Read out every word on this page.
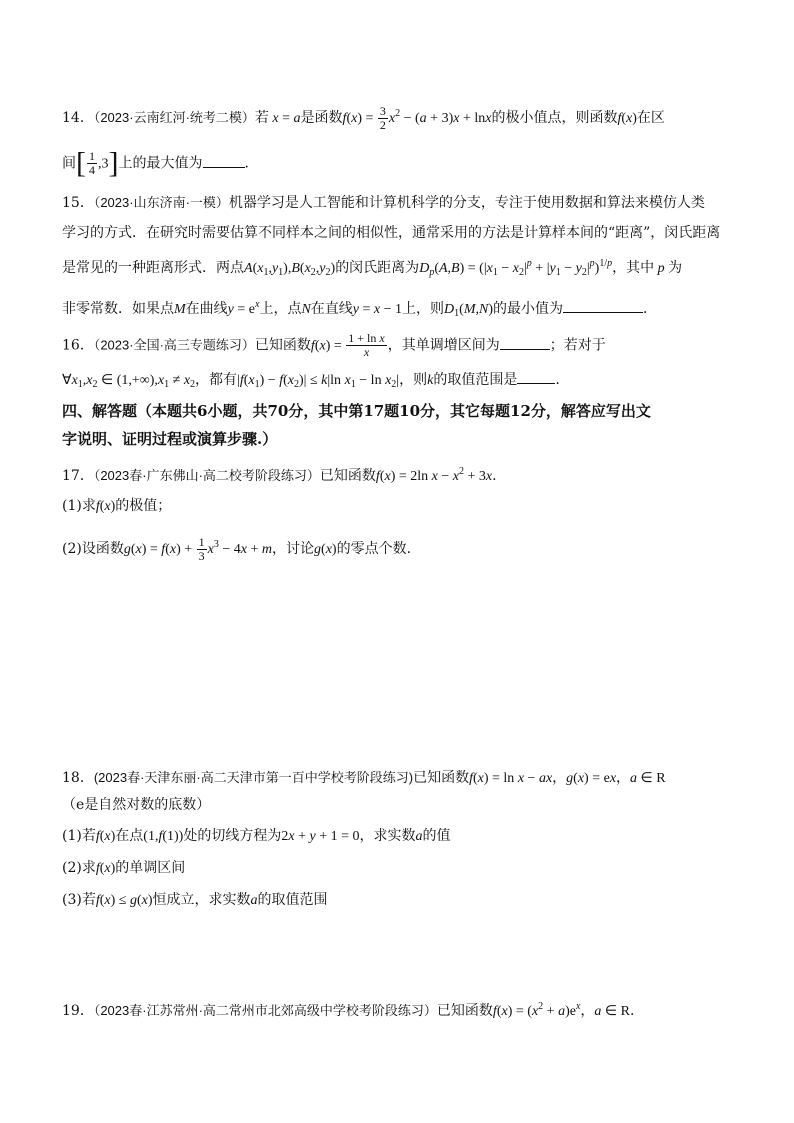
14．（2023·云南红河·统考二模）若 x = a是函数$f(x) = \frac{3}{2} x^2 - (a + 3)x + \ln x$的极小值点，则函数f(x)在区
间[ $\frac{1}{4} ,3$]上的最大值为	．
15．（2023·山东济南·一模）机器学习是人工智能和计算机科学的分支，专注于使用数据和算法来模仿人类
学习的方式．在研究时需要估算不同样本之间的相似性，通常采用的方法是计算样本间的“距离”，闵氏距离
是常见的一种距离形式．两点$A(x_1,y_1),B(x_2,y_2)$的闵氏距离为$D_p(A,B) = (|x_1 - x_2|^p + |y_1 - y_2|^p)^{1/p}$，其中 p 为
非零常数．如果点M在曲线$y = e^x$上，点N在直线y = x − 1上，则$D_1(M,N)$的最小值为	．
16．（2023·全国·高三专题练习）已知函数$f(x) = \frac{\text{1 + ln x}}{x}$ ，其单调增区间为	；若对于
$\forall x_1,x_2$ ∈ $(1,+\infty),x_1 \ne x_2$，都有$|f(x_1) - f(x_2)| \le k|\ln$ $x_1 - \ln x_2|$，则k的取值范围是	.
四、解答题（本题共6小题，共70分，其中第17题10分，其它每题12分，解答应写出文
字说明、证明过程或演算步骤.）
17．（2023春·广东佛山·高二校考阶段练习）已知函数f(x) = 2ln $x - x^2 + 3x$.
(1)求f(x)的极值；
(2)设函数$g(x) = f(x) + \frac{1}{3} x^3 - 4x + m$，讨论g(x)的零点个数.
18．(2023春·天津东丽·高二天津市第一百中学校考阶段练习)已知函数f(x) = ln x − ax，g(x) = ex，a ∈ R
（e是自然对数的底数）
(1)若f(x)在点(1,f(1))处的切线方程为2x + y + 1 = 0，求实数a的值
(2)求f(x)的单调区间
(3)若f(x) ≤ g(x)恒成立，求实数a的取值范围
19．（2023春·江苏常州·高二常州市北郊高级中学校考阶段练习）已知函数$f(x) = (x^2 + a)e^x$，a ∈ R.
